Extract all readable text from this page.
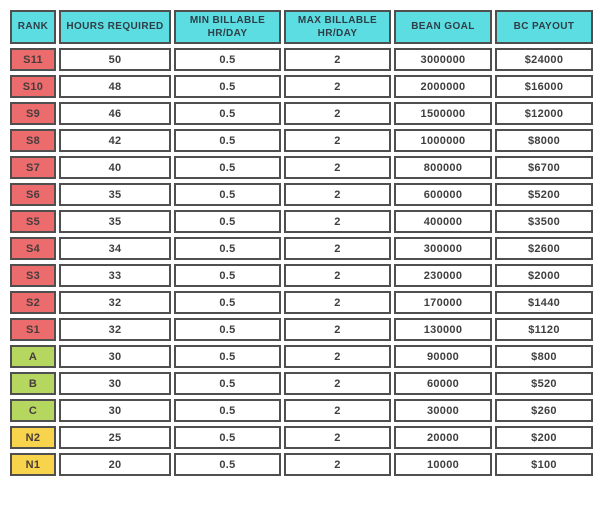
RANK	HOURS REQUIRED	MIN BILLABLE HR/DAY	MAX BILLABLE HR/DAY	BEAN GOAL	BC PAYOUT
S11	50	0.5	2	3000000	$24000
S10	48	0.5	2	2000000	$16000
S9	46	0.5	2	1500000	$12000
S8	42	0.5	2	1000000	$8000
S7	40	0.5	2	800000	$6700
S6	35	0.5	2	600000	$5200
S5	35	0.5	2	400000	$3500
S4	34	0.5	2	300000	$2600
S3	33	0.5	2	230000	$2000
S2	32	0.5	2	170000	$1440
S1	32	0.5	2	130000	$1120
A	30	0.5	2	90000	$800
B	30	0.5	2	60000	$520
C	30	0.5	2	30000	$260
N2	25	0.5	2	20000	$200
N1	20	0.5	2	10000	$100
